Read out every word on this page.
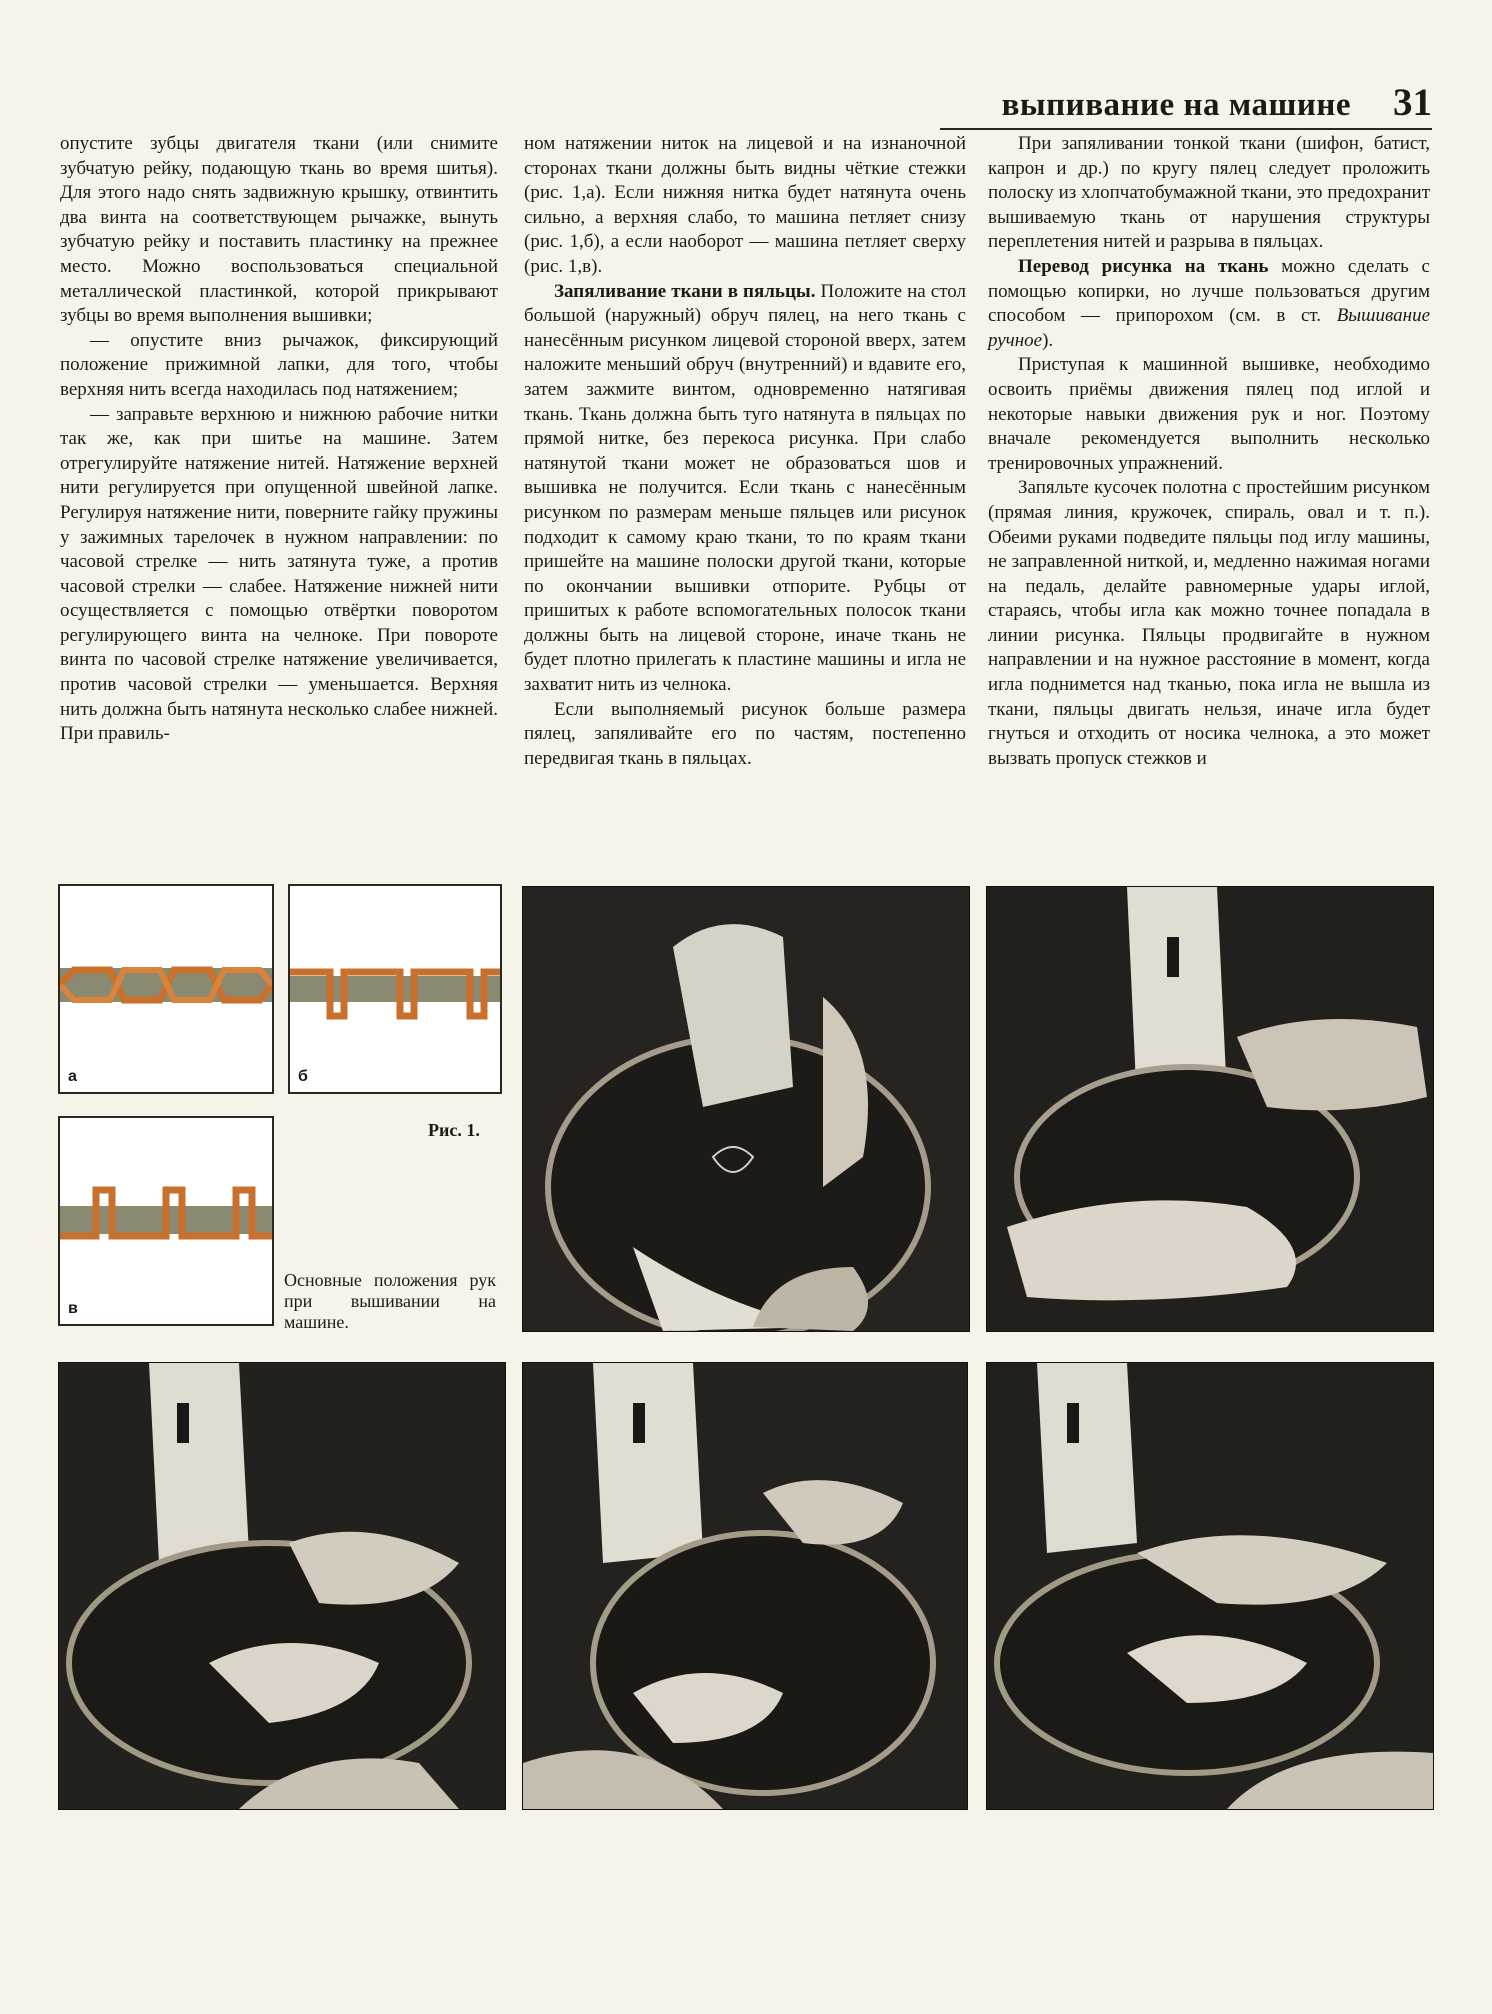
выпивание на машине 31

опустите зубцы двигателя ткани (или снимите зубчатую рейку, подающую ткань во время шитья). Для этого надо снять задвижную крышку, отвинтить два винта на соответствующем рычажке, вынуть зубчатую рейку и поставить пластинку на прежнее место. Можно воспользоваться специальной металлической пластинкой, которой прикрывают зубцы во время выполнения вышивки;

— опустите вниз рычажок, фиксирующий положение прижимной лапки, для того, чтобы верхняя нить всегда находилась под натяжением;

— заправьте верхнюю и нижнюю рабочие нитки так же, как при шитье на машине. Затем отрегулируйте натяжение нитей. Натяжение верхней нити регулируется при опущенной швейной лапке. Регулируя натяжение нити, поверните гайку пружины у зажимных тарелочек в нужном направлении: по часовой стрелке — нить затянута туже, а против часовой стрелки — слабее. Натяжение нижней нити осуществляется с помощью отвёртки поворотом регулирующего винта на челноке. При повороте винта по часовой стрелке натяжение увеличивается, против часовой стрелки — уменьшается. Верхняя нить должна быть натянута несколько слабее нижней. При правиль-

ном натяжении ниток на лицевой и на изнаночной сторонах ткани должны быть видны чёткие стежки (рис. 1,а). Если нижняя нитка будет натянута очень сильно, а верхняя слабо, то машина петляет снизу (рис. 1,б), а если наоборот — машина петляет сверху (рис. 1,в).

Запяливание ткани в пяльцы. Положите на стол большой (наружный) обруч пялец, на него ткань с нанесённым рисунком лицевой стороной вверх, затем наложите меньший обруч (внутренний) и вдавите его, затем зажмите винтом, одновременно натягивая ткань. Ткань должна быть туго натянута в пяльцах по прямой нитке, без перекоса рисунка. При слабо натянутой ткани может не образоваться шов и вышивка не получится. Если ткань с нанесённым рисунком по размерам меньше пяльцев или рисунок подходит к самому краю ткани, то по краям ткани пришейте на машине полоски другой ткани, которые по окончании вышивки отпорите. Рубцы от пришитых к работе вспомогательных полосок ткани должны быть на лицевой стороне, иначе ткань не будет плотно прилегать к пластине машины и игла не захватит нить из челнока.

Если выполняемый рисунок больше размера пялец, запяливайте его по частям, постепенно передвигая ткань в пяльцах.

При запяливании тонкой ткани (шифон, батист, капрон и др.) по кругу пялец следует проложить полоску из хлопчатобумажной ткани, это предохранит вышиваемую ткань от нарушения структуры переплетения нитей и разрыва в пяльцах.

Перевод рисунка на ткань можно сделать с помощью копирки, но лучше пользоваться другим способом — припорохом (см. в ст. Вышивание ручное).

Приступая к машинной вышивке, необходимо освоить приёмы движения пялец под иглой и некоторые навыки движения рук и ног. Поэтому вначале рекомендуется выполнить несколько тренировочных упражнений.

Запяльте кусочек полотна с простейшим рисунком (прямая линия, кружочек, спираль, овал и т. п.). Обеими руками подведите пяльцы под иглу машины, не заправленной ниткой, и, медленно нажимая ногами на педаль, делайте равномерные удары иглой, стараясь, чтобы игла как можно точнее попадала в линии рисунка. Пяльцы продвигайте в нужном направлении и на нужное расстояние в момент, когда игла поднимется над тканью, пока игла не вышла из ткани, пяльцы двигать нельзя, иначе игла будет гнуться и отходить от носика челнока, а это может вызвать пропуск стежков и

а	б
в
Рис. 1.
Основные положения рук при вышивании на машине.
